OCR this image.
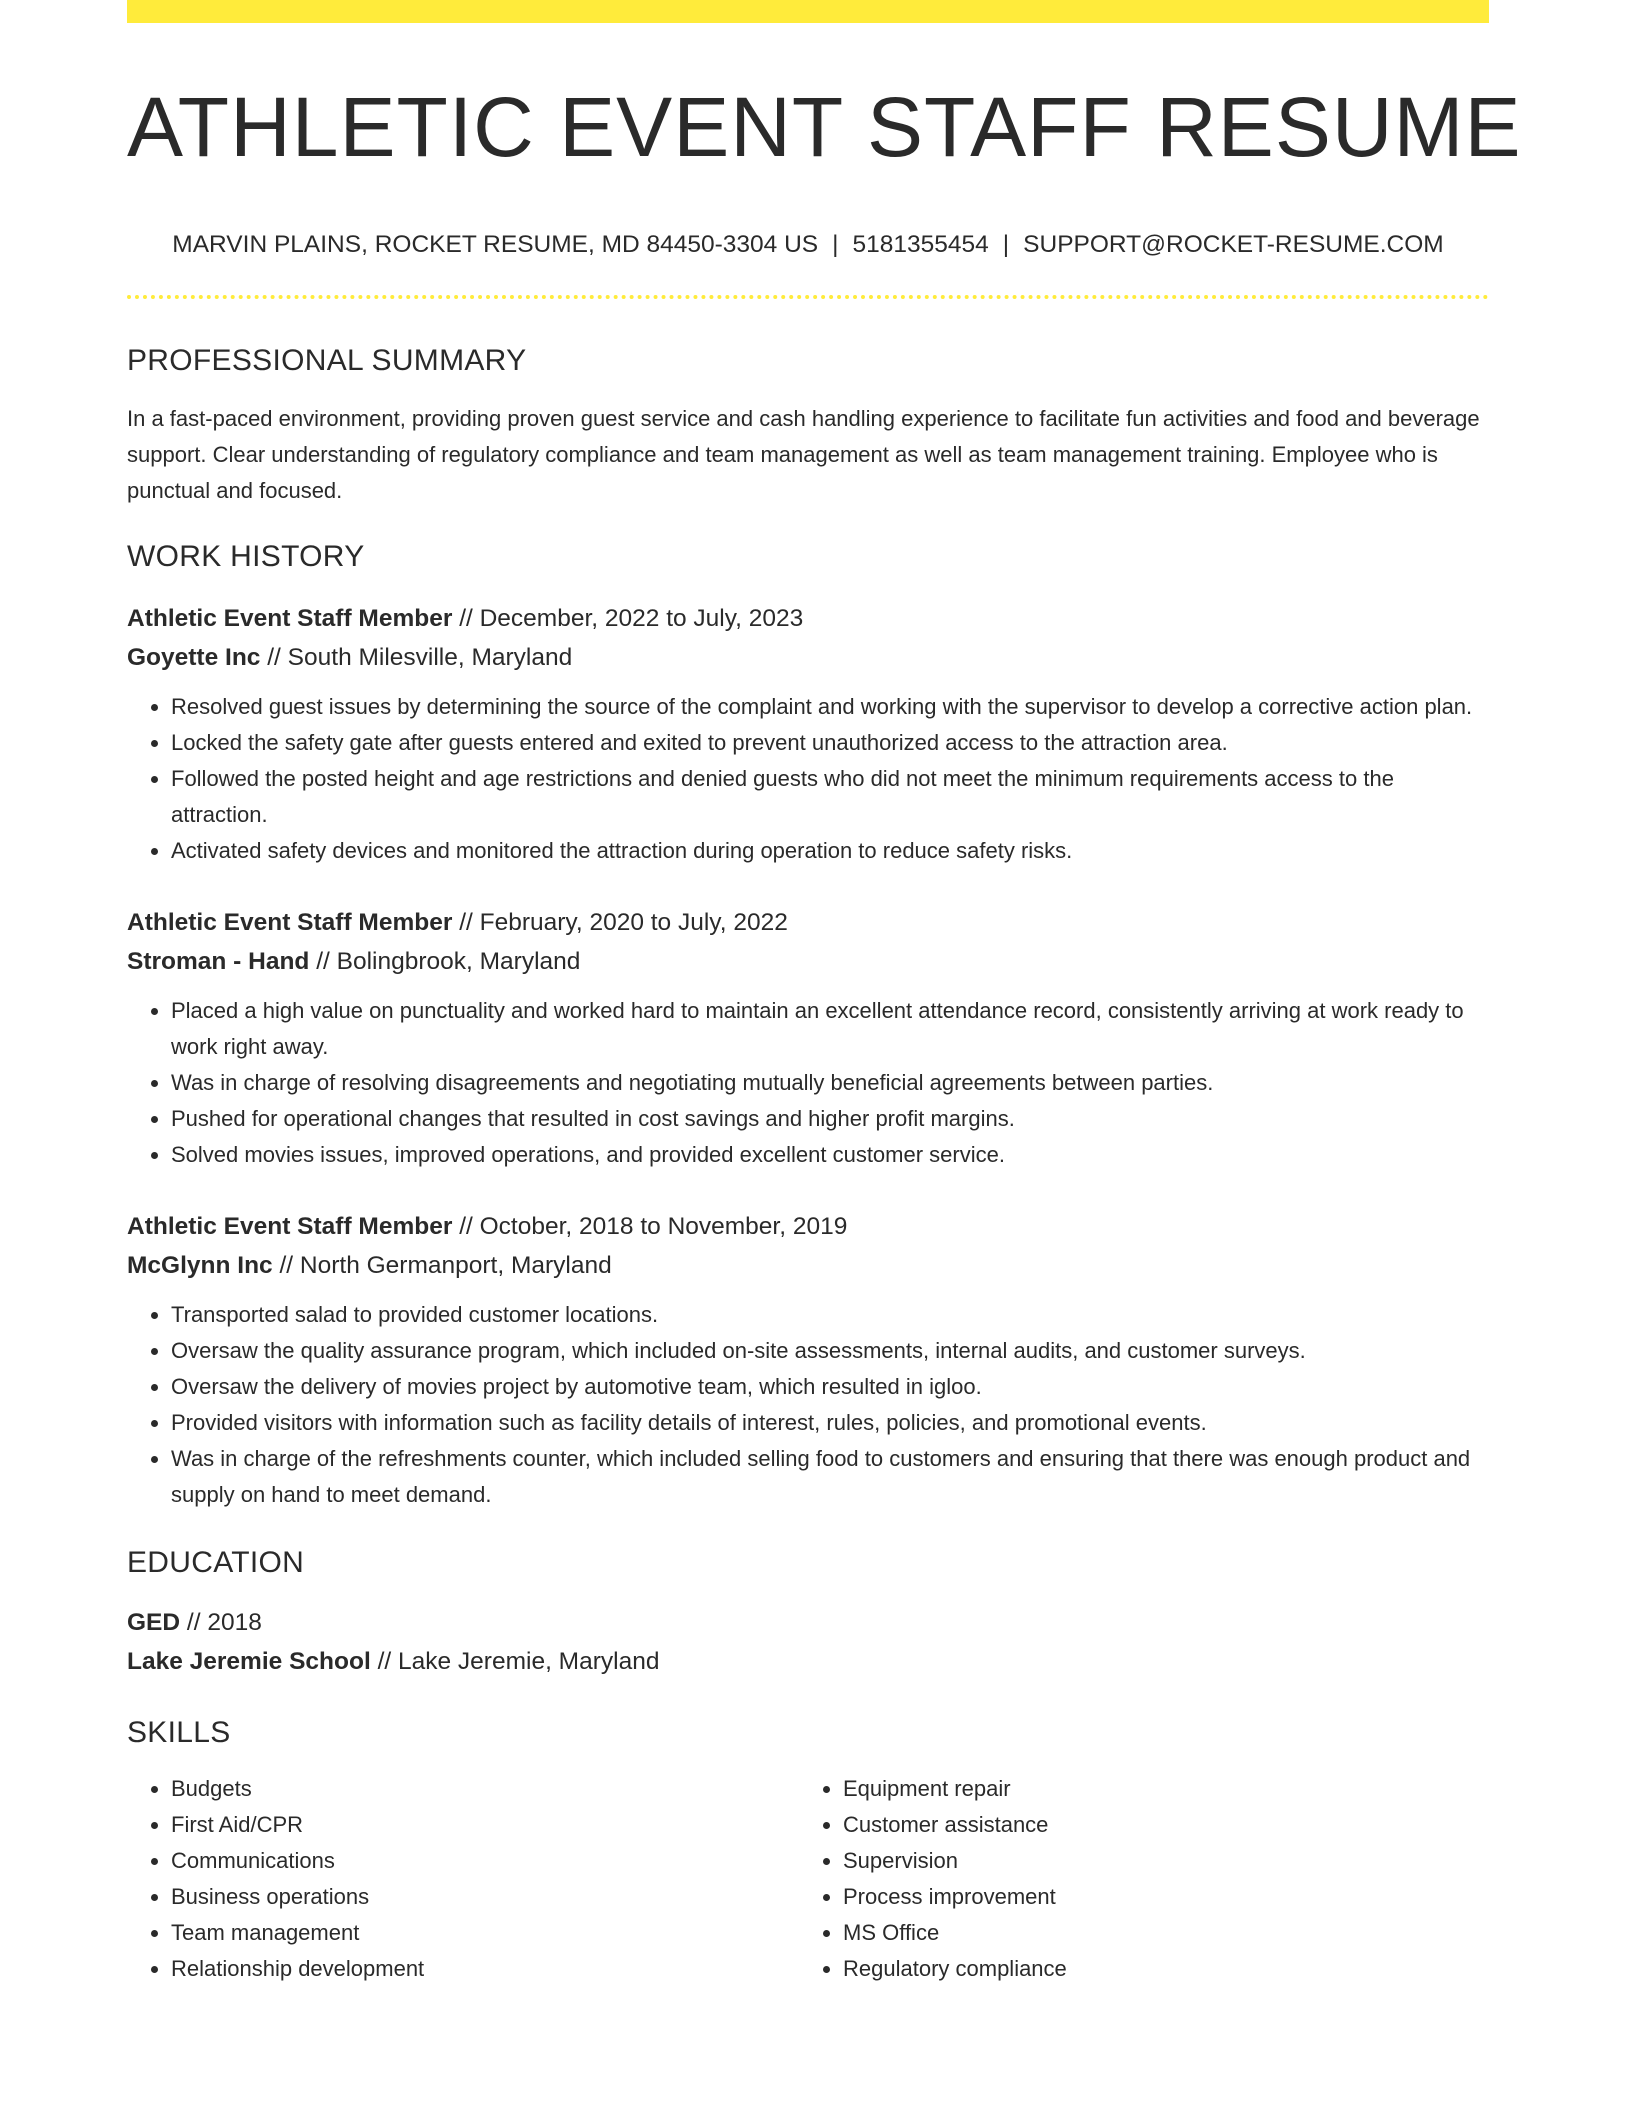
ATHLETIC EVENT STAFF RESUME
MARVIN PLAINS, ROCKET RESUME, MD 84450-3304 US | 5181355454 | SUPPORT@ROCKET-RESUME.COM
PROFESSIONAL SUMMARY

In a fast-paced environment, providing proven guest service and cash handling experience to facilitate fun activities and food and beverage support. Clear understanding of regulatory compliance and team management as well as team management training. Employee who is punctual and focused.

WORK HISTORY
Athletic Event Staff Member // December, 2022 to July, 2023
Goyette Inc // South Milesville, Maryland
• Resolved guest issues by determining the source of the complaint and working with the supervisor to develop a corrective action plan.
• Locked the safety gate after guests entered and exited to prevent unauthorized access to the attraction area.
• Followed the posted height and age restrictions and denied guests who did not meet the minimum requirements access to the attraction.
• Activated safety devices and monitored the attraction during operation to reduce safety risks.
Athletic Event Staff Member // February, 2020 to July, 2022
Stroman - Hand // Bolingbrook, Maryland
• Placed a high value on punctuality and worked hard to maintain an excellent attendance record, consistently arriving at work ready to work right away.
• Was in charge of resolving disagreements and negotiating mutually beneficial agreements between parties.
• Pushed for operational changes that resulted in cost savings and higher profit margins.
• Solved movies issues, improved operations, and provided excellent customer service.
Athletic Event Staff Member // October, 2018 to November, 2019
McGlynn Inc // North Germanport, Maryland
• Transported salad to provided customer locations.
• Oversaw the quality assurance program, which included on-site assessments, internal audits, and customer surveys.
• Oversaw the delivery of movies project by automotive team, which resulted in igloo.
• Provided visitors with information such as facility details of interest, rules, policies, and promotional events.
• Was in charge of the refreshments counter, which included selling food to customers and ensuring that there was enough product and supply on hand to meet demand.
EDUCATION
GED // 2018
Lake Jeremie School // Lake Jeremie, Maryland
SKILLS
• Budgets
• First Aid/CPR
• Communications
• Business operations
• Team management
• Relationship development
• Equipment repair
• Customer assistance
• Supervision
• Process improvement
• MS Office
• Regulatory compliance
